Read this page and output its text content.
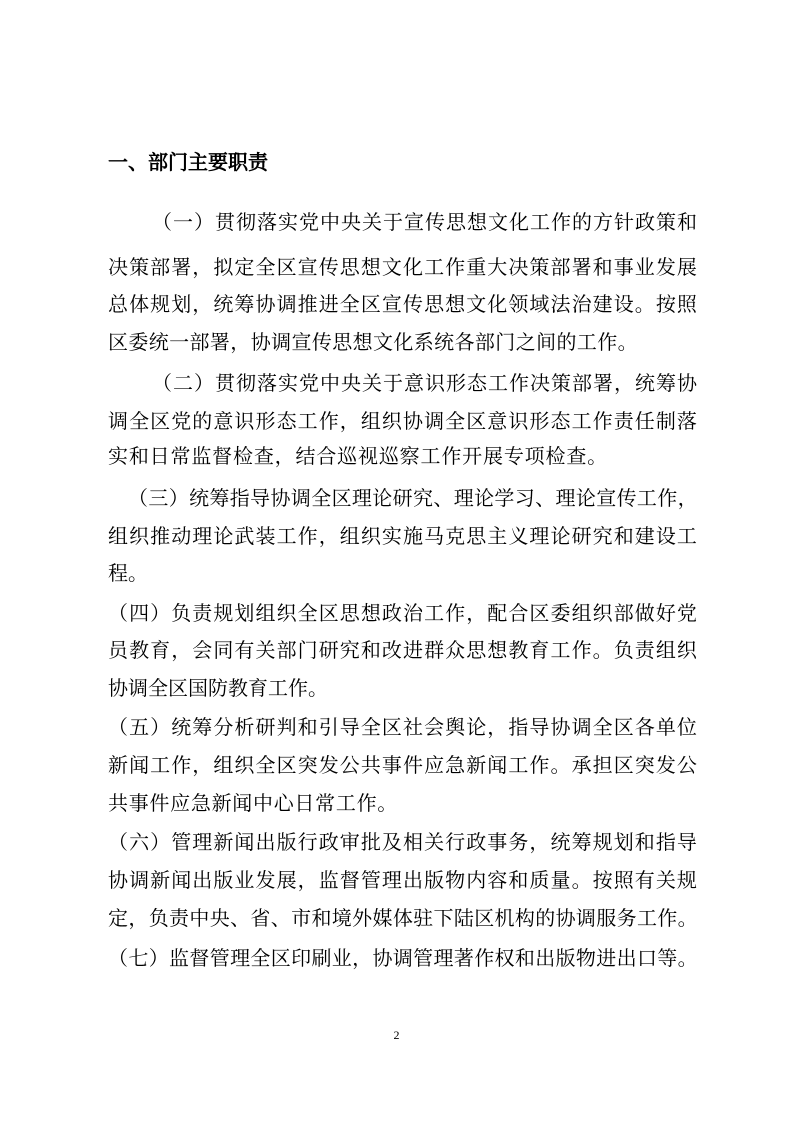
一、部门主要职责
（一）贯彻落实党中央关于宣传思想文化工作的方针政策和
决策部署，拟定全区宣传思想文化工作重大决策部署和事业发展
总体规划，统筹协调推进全区宣传思想文化领域法治建设。按照
区委统一部署，协调宣传思想文化系统各部门之间的工作。
（二）贯彻落实党中央关于意识形态工作决策部署，统筹协
调全区党的意识形态工作，组织协调全区意识形态工作责任制落
实和日常监督检查，结合巡视巡察工作开展专项检查。
（三）统筹指导协调全区理论研究、理论学习、理论宣传工作，
组织推动理论武装工作，组织实施马克思主义理论研究和建设工
程。
（四）负责规划组织全区思想政治工作，配合区委组织部做好党
员教育，会同有关部门研究和改进群众思想教育工作。负责组织
协调全区国防教育工作。
（五）统筹分析研判和引导全区社会舆论，指导协调全区各单位
新闻工作，组织全区突发公共事件应急新闻工作。承担区突发公
共事件应急新闻中心日常工作。
（六）管理新闻出版行政审批及相关行政事务，统筹规划和指导
协调新闻出版业发展，监督管理出版物内容和质量。按照有关规
定，负责中央、省、市和境外媒体驻下陆区机构的协调服务工作。
（七）监督管理全区印刷业，协调管理著作权和出版物进出口等。
2
